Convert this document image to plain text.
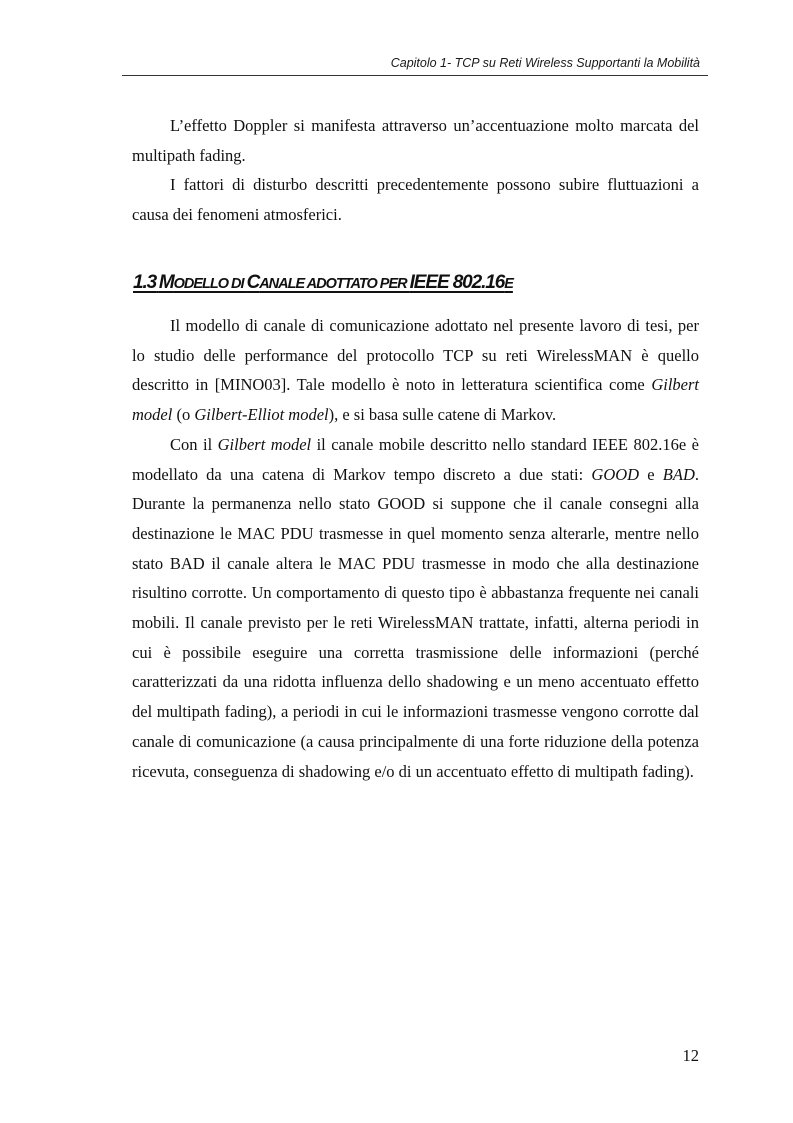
Capitolo 1- TCP su Reti Wireless Supportanti la Mobilità

L’effetto Doppler si manifesta attraverso un’accentuazione molto marcata del multipath fading.

I fattori di disturbo descritti precedentemente possono subire fluttuazioni a causa dei fenomeni atmosferici.

1.3  MODELLO DI CANALE ADOTTATO PER IEEE 802.16E

Il modello di canale di comunicazione adottato nel presente lavoro di tesi, per lo studio delle performance del protocollo TCP su reti WirelessMAN è quello descritto in [MINO03]. Tale modello è noto in letteratura scientifica come Gilbert model (o Gilbert-Elliot model), e si basa sulle catene di Markov.

Con il Gilbert model il canale mobile descritto nello standard IEEE 802.16e è modellato da una catena di Markov tempo discreto a due stati: GOOD e BAD. Durante la permanenza nello stato GOOD si suppone che il canale consegni alla destinazione le MAC PDU trasmesse in quel momento senza alterarle, mentre nello stato BAD il canale altera le MAC PDU trasmesse in modo che alla destinazione risultino corrotte. Un comportamento di questo tipo è abbastanza frequente nei canali mobili. Il canale previsto per le reti WirelessMAN trattate, infatti, alterna periodi in cui è possibile eseguire una corretta trasmissione delle informazioni (perché caratterizzati da una ridotta influenza dello shadowing e un meno accentuato effetto del multipath fading), a periodi in cui le informazioni trasmesse vengono corrotte dal canale di comunicazione (a causa principalmente di una forte riduzione della potenza ricevuta, conseguenza di shadowing e/o di un accentuato effetto di multipath fading).

12
